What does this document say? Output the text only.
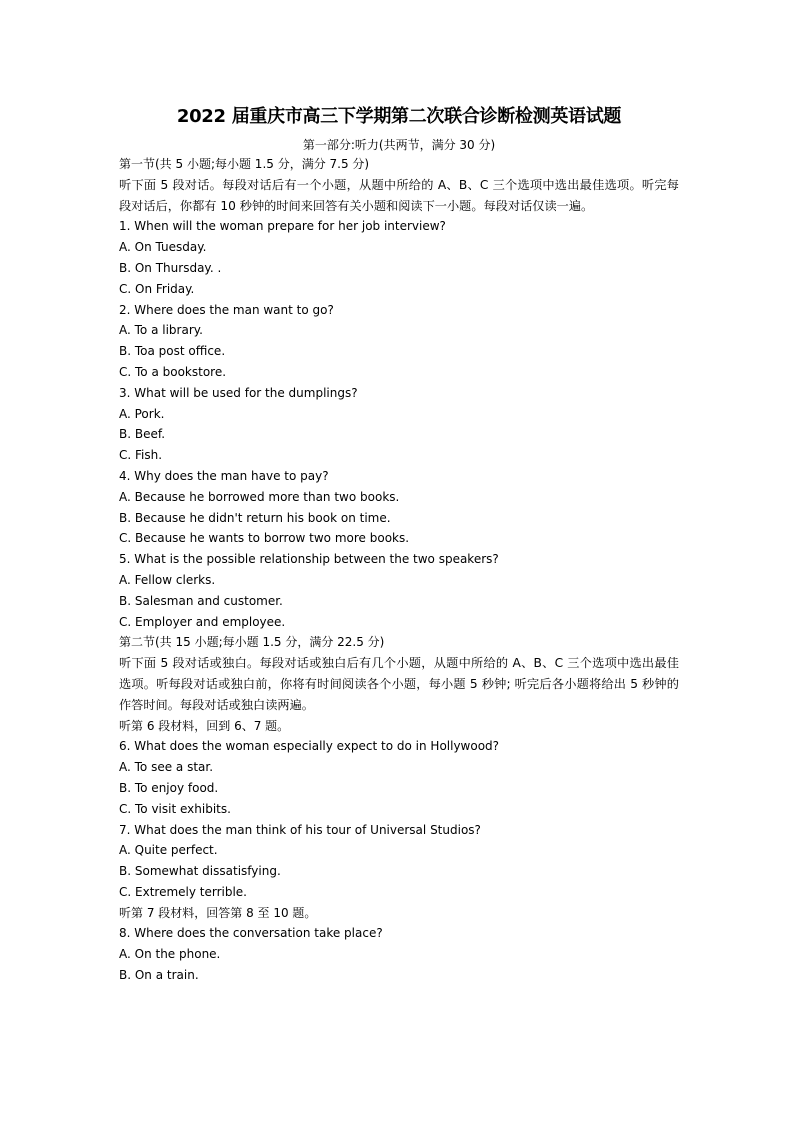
2022 届重庆市高三下学期第二次联合诊断检测英语试题

第一部分:听力(共两节，满分 30 分)

第一节(共 5 小题;每小题 1.5 分，满分 7.5 分)

听下面 5 段对话。每段对话后有一个小题，从题中所给的 A、B、C 三个选项中选出最佳选项。听完每段对话后，你都有 10 秒钟的时间来回答有关小题和阅读下一小题。每段对话仅读一遍。

1. When will the woman prepare for her job interview?

A. On Tuesday.

B. On Thursday. .

C. On Friday.

2. Where does the man want to go?

A. To a library.

B. Toa post office.

C. To a bookstore.

3. What will be used for the dumplings?

A. Pork.

B. Beef.

C. Fish.

4. Why does the man have to pay?

A. Because he borrowed more than two books.

B. Because he didn't return his book on time.

C. Because he wants to borrow two more books.

5. What is the possible relationship between the two speakers?

A. Fellow clerks.

B. Salesman and customer.

C. Employer and employee.

第二节(共 15 小题;每小题 1.5 分，满分 22.5 分)

听下面 5 段对话或独白。每段对话或独白后有几个小题，从题中所给的 A、B、C 三个选项中选出最佳选项。听每段对话或独白前，你将有时间阅读各个小题，每小题 5 秒钟; 听完后各小题将给出 5 秒钟的作答时间。每段对话或独白读两遍。

听第 6 段材料，回到 6、7 题。

6. What does the woman especially expect to do in Hollywood?

A. To see a star.

B. To enjoy food.

C. To visit exhibits.

7. What does the man think of his tour of Universal Studios?

A. Quite perfect.

B. Somewhat dissatisfying.

C. Extremely terrible.

听第 7 段材料，回答第 8 至 10 题。

8. Where does the conversation take place?

A. On the phone.

B. On a train.
